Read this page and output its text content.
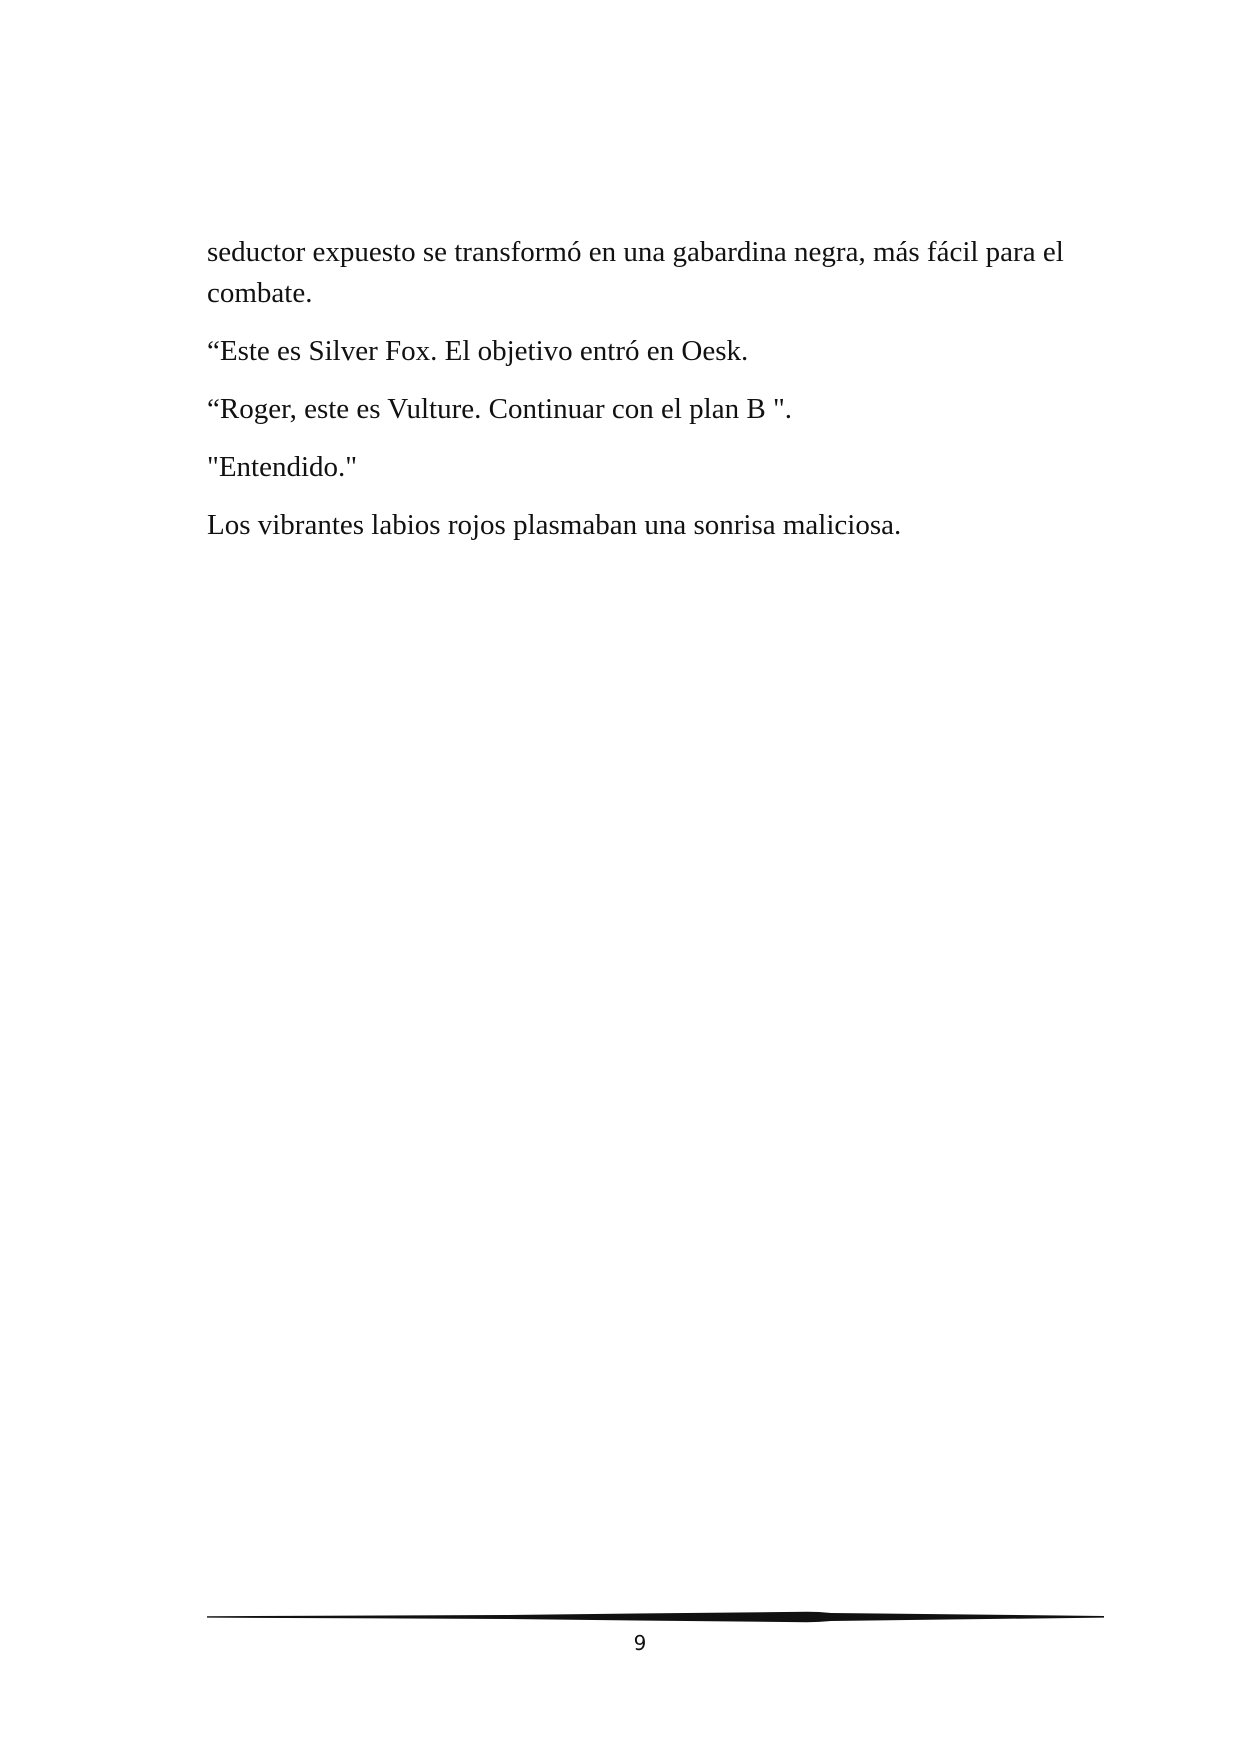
seductor expuesto se transformó en una gabardina negra, más fácil para el combate.

“Este es Silver Fox. El objetivo entró en Oesk.

“Roger, este es Vulture. Continuar con el plan B ".

"Entendido."

Los vibrantes labios rojos plasmaban una sonrisa maliciosa.

9
